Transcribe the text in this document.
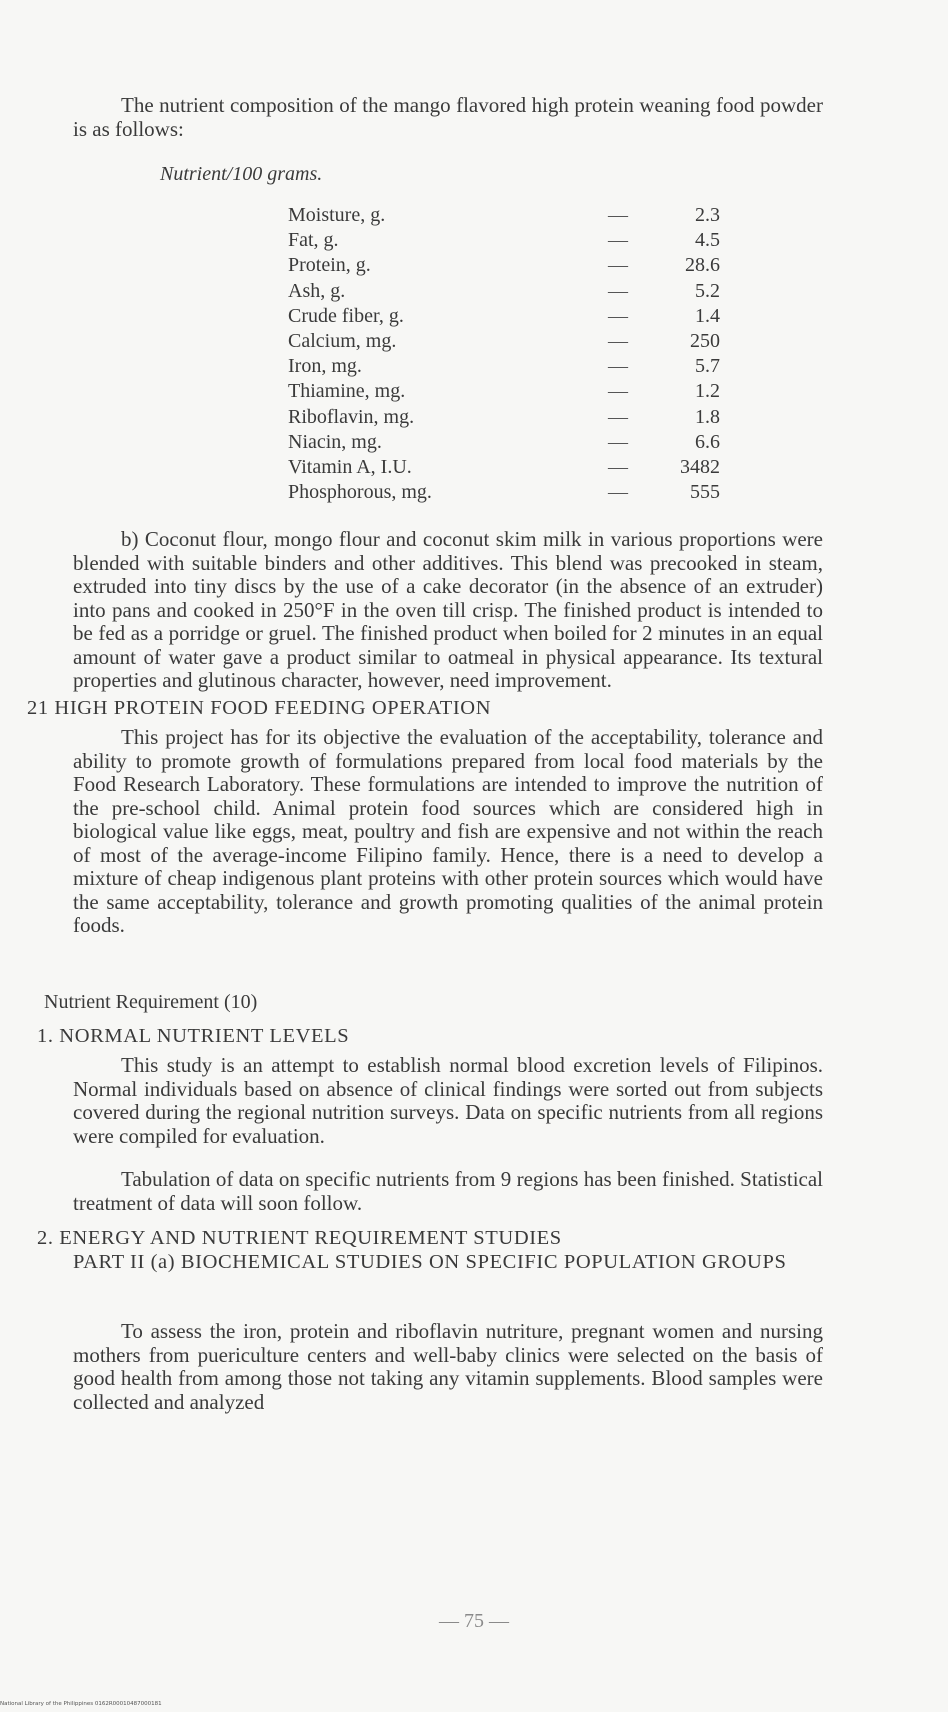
The nutrient composition of the mango flavored high protein weaning food powder is as follows:

Nutrient/100 grams.
Moisture, g.	—	2.3
Fat, g.	—	4.5
Protein, g.	—	28.6
Ash, g.	—	5.2
Crude fiber, g.	—	1.4
Calcium, mg.	—	250
Iron, mg.	—	5.7
Thiamine, mg.	—	1.2
Riboflavin, mg.	—	1.8
Niacin, mg.	—	6.6
Vitamin A, I.U.	—	3482
Phosphorous, mg.	—	555

b) Coconut flour, mongo flour and coconut skim milk in various proportions were blended with suitable binders and other additives. This blend was precooked in steam, extruded into tiny discs by the use of a cake decorator (in the absence of an extruder) into pans and cooked in 250°F in the oven till crisp. The finished product is intended to be fed as a porridge or gruel. The finished product when boiled for 2 minutes in an equal amount of water gave a product similar to oatmeal in physical appearance. Its textural properties and glutinous character, however, need improvement.

21 HIGH PROTEIN FOOD FEEDING OPERATION

This project has for its objective the evaluation of the acceptability, tolerance and ability to promote growth of formulations prepared from local food materials by the Food Research Laboratory. These formulations are intended to improve the nutrition of the pre-school child. Animal protein food sources which are considered high in biological value like eggs, meat, poultry and fish are expensive and not within the reach of most of the average-income Filipino family. Hence, there is a need to develop a mixture of cheap indigenous plant proteins with other protein sources which would have the same acceptability, tolerance and growth promoting qualities of the animal protein foods.

Nutrient Requirement (10)
1. NORMAL NUTRIENT LEVELS

This study is an attempt to establish normal blood excretion levels of Filipinos. Normal individuals based on absence of clinical findings were sorted out from subjects covered during the regional nutrition surveys. Data on specific nutrients from all regions were compiled for evaluation.

Tabulation of data on specific nutrients from 9 regions has been finished. Statistical treatment of data will soon follow.

2. ENERGY AND NUTRIENT REQUIREMENT STUDIES
PART II (a) BIOCHEMICAL STUDIES ON SPECIFIC POPULATION GROUPS

To assess the iron, protein and riboflavin nutriture, pregnant women and nursing mothers from puericulture centers and well-baby clinics were selected on the basis of good health from among those not taking any vitamin supplements. Blood samples were collected and analyzed

— 75 —
National Library of the Philippines 0162R00010487000181
